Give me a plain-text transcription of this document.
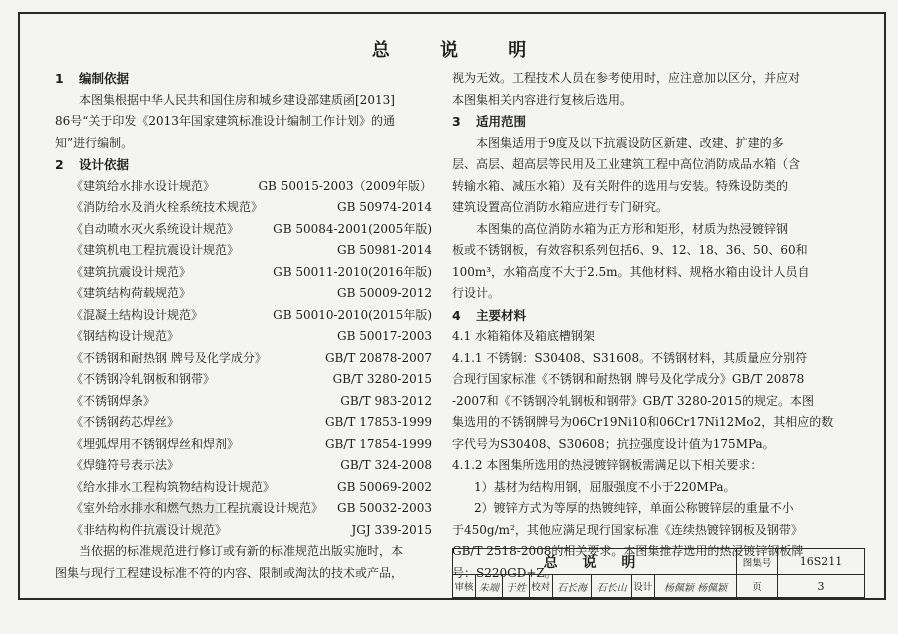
总 说 明
1 编制依据
本图集根据中华人民共和国住房和城乡建设部建质函[2013]
86号“关于印发《2013年国家建筑标准设计编制工作计划》的通
知”进行编制。
2 设计依据
《建筑给水排水设计规范》	GB 50015-2003（2009年版）
《消防给水及消火栓系统技术规范》	GB 50974-2014
《自动喷水灭火系统设计规范》	GB 50084-2001(2005年版)
《建筑机电工程抗震设计规范》	GB 50981-2014
《建筑抗震设计规范》	GB 50011-2010(2016年版)
《建筑结构荷载规范》	GB 50009-2012
《混凝土结构设计规范》	GB 50010-2010(2015年版)
《钢结构设计规范》	GB 50017-2003
《不锈钢和耐热钢 牌号及化学成分》	GB/T 20878-2007
《不锈钢冷轧钢板和钢带》	GB/T 3280-2015
《不锈钢焊条》	GB/T 983-2012
《不锈钢药芯焊丝》	GB/T 17853-1999
《埋弧焊用不锈钢焊丝和焊剂》	GB/T 17854-1999
《焊缝符号表示法》	GB/T 324-2008
《给水排水工程构筑物结构设计规范》	GB 50069-2002
《室外给水排水和燃气热力工程抗震设计规范》 GB 50032-2003
《非结构构件抗震设计规范》	JGJ 339-2015
当依据的标准规范进行修订或有新的标准规范出版实施时，本
图集与现行工程建设标准不符的内容、限制或淘汰的技术或产品，
视为无效。工程技术人员在参考使用时，应注意加以区分，并应对
本图集相关内容进行复核后选用。
3 适用范围
本图集适用于9度及以下抗震设防区新建、改建、扩建的多
层、高层、超高层等民用及工业建筑工程中高位消防成品水箱（含
转输水箱、减压水箱）及有关附件的选用与安装。特殊设防类的
建筑设置高位消防水箱应进行专门研究。
本图集的高位消防水箱为正方形和矩形，材质为热浸镀锌钢
板或不锈钢板，有效容积系列包括6、9、12、18、36、50、60和
100m³，水箱高度不大于2.5m。其他材料、规格水箱由设计人员自
行设计。
4 主要材料
4.1 水箱箱体及箱底槽钢架
4.1.1 不锈钢：S30408、S31608。不锈钢材料，其质量应分别符
合现行国家标准《不锈钢和耐热钢 牌号及化学成分》GB/T 20878
-2007和《不锈钢冷轧钢板和钢带》GB/T 3280-2015的规定。本图
集选用的不锈钢牌号为06Cr19Ni10和06Cr17Ni12Mo2，其相应的数
字代号为S30408、S30608；抗拉强度设计值为175MPa。
4.1.2 本图集所选用的热浸镀锌钢板需满足以下相关要求：
1）基材为结构用钢，屈服强度不小于220MPa。
2）镀锌方式为等厚的热镀纯锌，单面公称镀锌层的重量不小
于450g/m²，其他应满足现行国家标准《连续热镀锌钢板及钢带》
GB/T 2518-2008的相关要求。本图集推荐选用的热浸镀锌钢板牌
号：S220GD+Z。
总 说 明								图集号	16S211
审核	朱端	于姓	校对	石长海	石长山	设计	杨佩颖 杨佩颖	页	3
